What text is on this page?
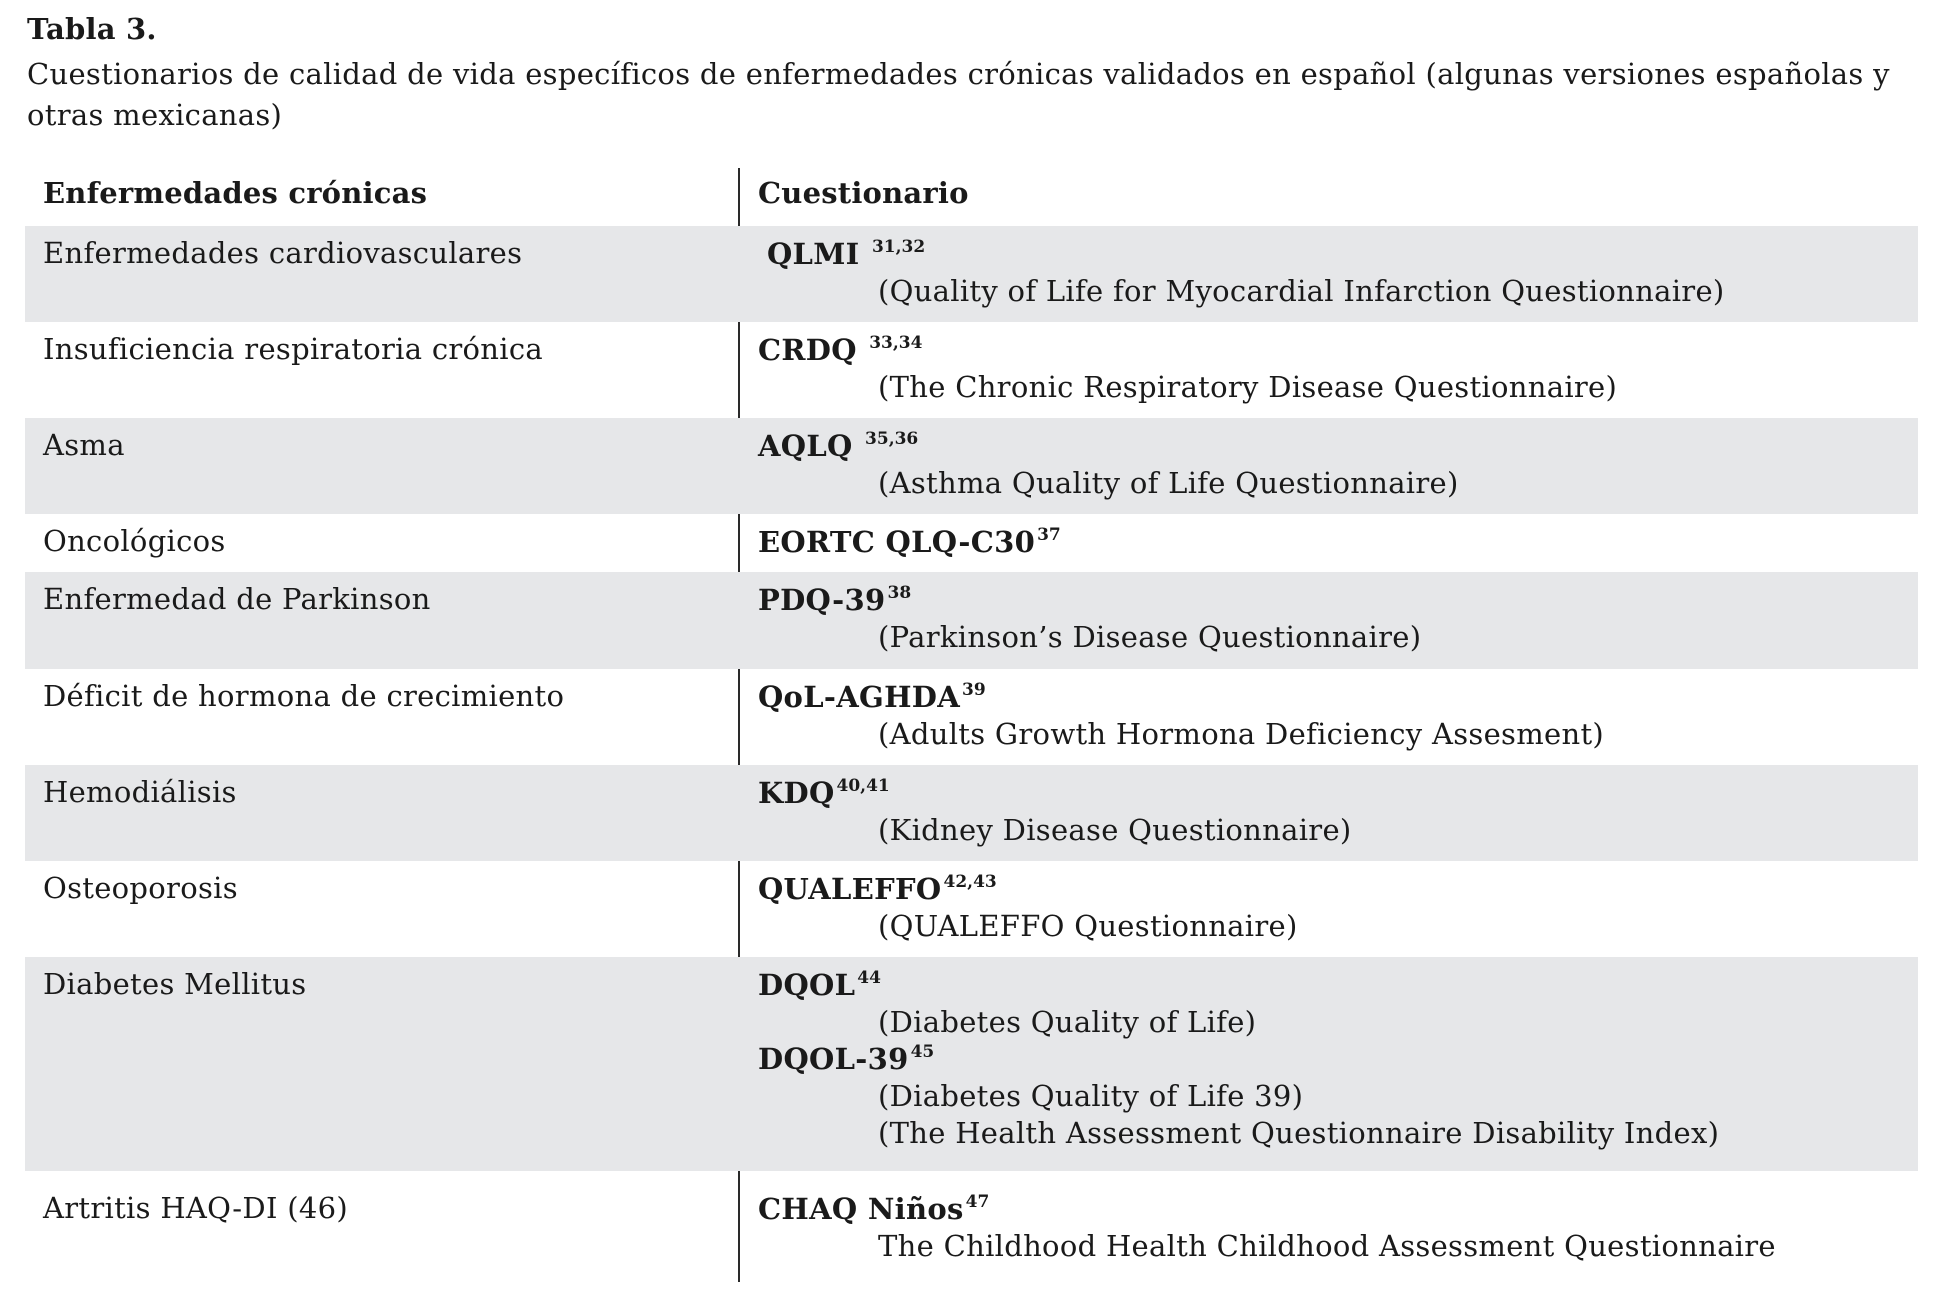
Tabla 3.
Cuestionarios de calidad de vida específicos de enfermedades crónicas validados en español (algunas versiones españolas y otras mexicanas)
Enfermedades crónicas	Cuestionario
Enfermedades cardiovasculares	QLMI $^{31,32}$
(Quality of Life for Myocardial Infarction Questionnaire)
Insuficiencia respiratoria crónica	CRDQ $^{33,34}$
(The Chronic Respiratory Disease Questionnaire)
Asma	AQLQ $^{35,36}$
(Asthma Quality of Life Questionnaire)
Oncológicos	EORTC QLQ-C30 $^{37}$
Enfermedad de Parkinson	PDQ-39 $^{38}$
(Parkinson’s Disease Questionnaire)
Déficit de hormona de crecimiento	QoL-AGHDA $^{39}$
(Adults Growth Hormona Deficiency Assesment)
Hemodiálisis	KDQ $^{40,41}$
(Kidney Disease Questionnaire)
Osteoporosis	QUALEFFO $^{42,43}$
(QUALEFFO Questionnaire)
Diabetes Mellitus	DQOL $^{44}$
(Diabetes Quality of Life)
DQOL-39 $^{45}$
(Diabetes Quality of Life 39)
(The Health Assessment Questionnaire Disability Index)
Artritis HAQ-DI (46)	CHAQ Niños $^{47}$
The Childhood Health Childhood Assessment Questionnaire
